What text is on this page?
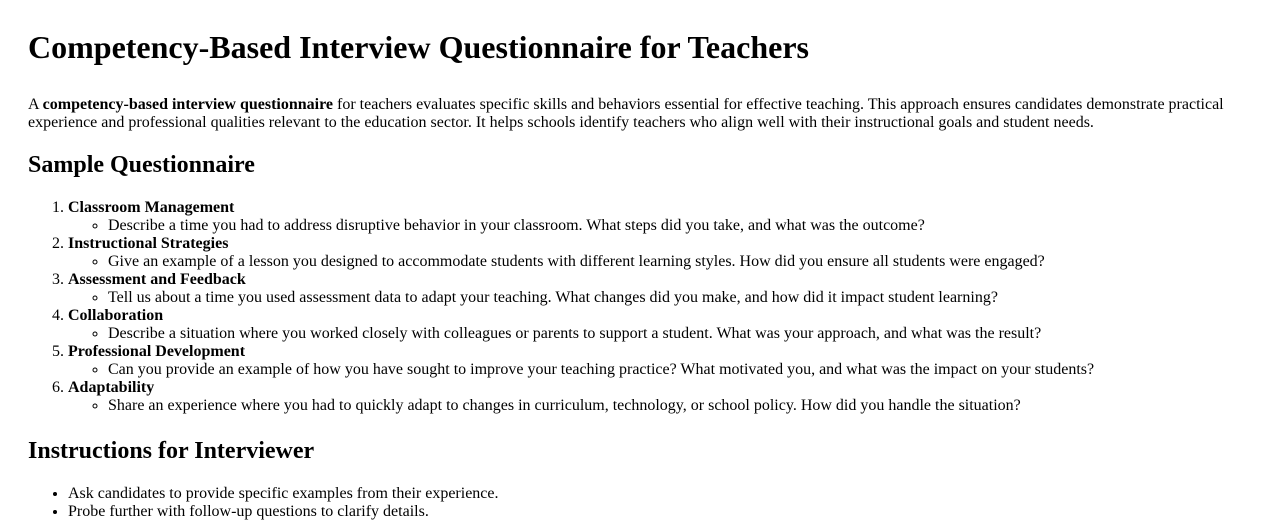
Competency-Based Interview Questionnaire for Teachers

A competency-based interview questionnaire for teachers evaluates specific skills and behaviors essential for effective teaching. This approach ensures candidates demonstrate practical experience and professional qualities relevant to the education sector. It helps schools identify teachers who align well with their instructional goals and student needs.

Sample Questionnaire
1. Classroom Management
◦ Describe a time you had to address disruptive behavior in your classroom. What steps did you take, and what was the outcome?
2. Instructional Strategies
◦ Give an example of a lesson you designed to accommodate students with different learning styles. How did you ensure all students were engaged?
3. Assessment and Feedback
◦ Tell us about a time you used assessment data to adapt your teaching. What changes did you make, and how did it impact student learning?
4. Collaboration
◦ Describe a situation where you worked closely with colleagues or parents to support a student. What was your approach, and what was the result?
5. Professional Development
◦ Can you provide an example of how you have sought to improve your teaching practice? What motivated you, and what was the impact on your students?
6. Adaptability
◦ Share an experience where you had to quickly adapt to changes in curriculum, technology, or school policy. How did you handle the situation?
Instructions for Interviewer
• Ask candidates to provide specific examples from their experience.
• Probe further with follow-up questions to clarify details.
